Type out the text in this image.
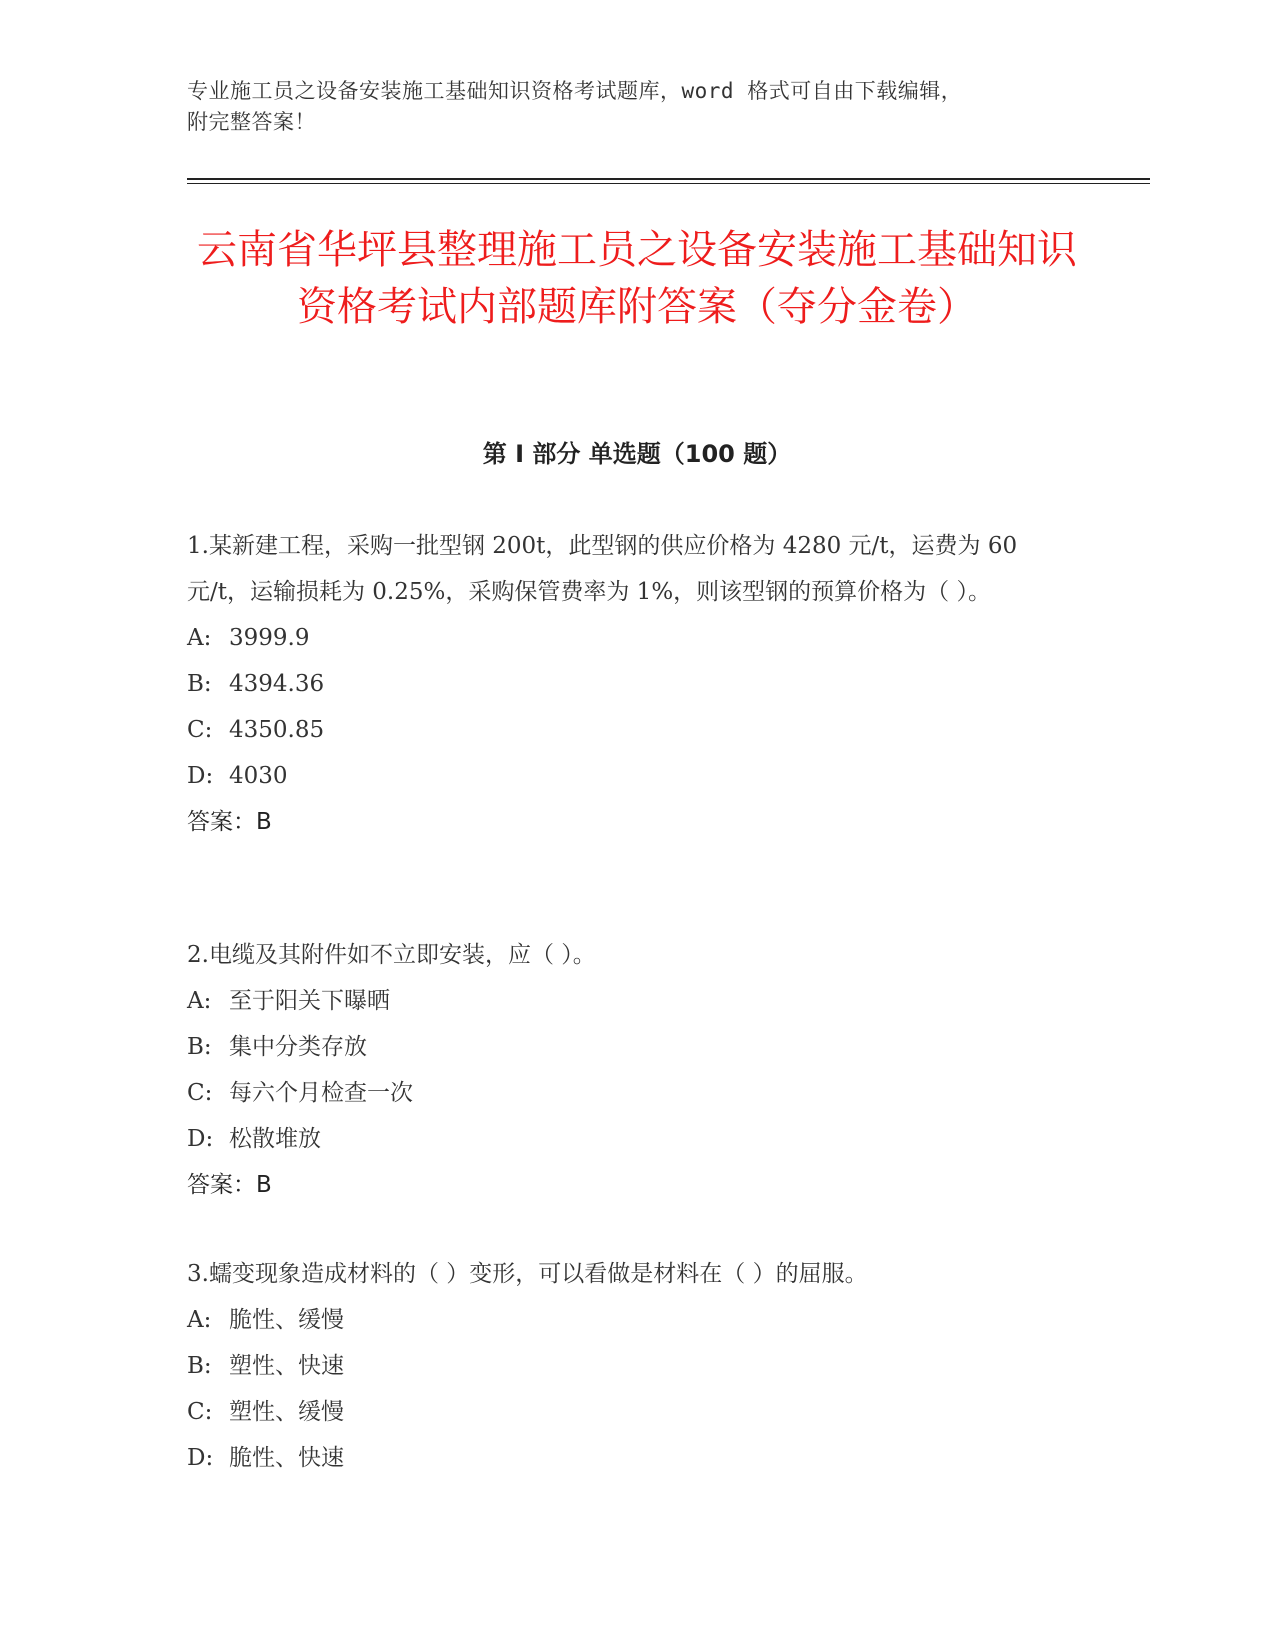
专业施工员之设备安装施工基础知识资格考试题库，word 格式可自由下载编辑，
附完整答案！
云南省华坪县整理施工员之设备安装施工基础知识资格考试内部题库附答案（夺分金卷）
第 I 部分 单选题（100 题）

1.某新建工程，采购一批型钢 200t，此型钢的供应价格为 4280 元/t，运费为 60 元/t，运输损耗为 0.25%，采购保管费率为 1%，则该型钢的预算价格为（ ）。

A: 3999.9

B: 4394.36

C: 4350.85

D: 4030

答案：B

2.电缆及其附件如不立即安装，应（ ）。

A: 至于阳关下曝晒

B: 集中分类存放

C: 每六个月检查一次

D: 松散堆放

答案：B

3.蠕变现象造成材料的（ ）变形，可以看做是材料在（ ）的屈服。

A: 脆性、缓慢

B: 塑性、快速

C: 塑性、缓慢

D: 脆性、快速
